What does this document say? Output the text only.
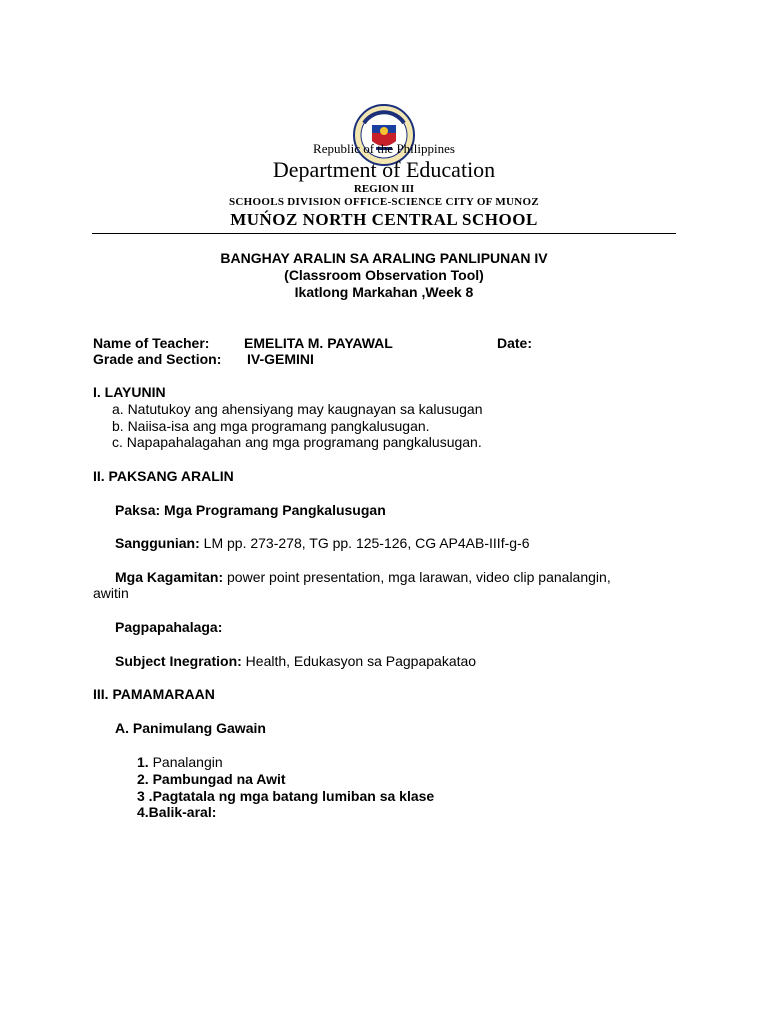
Republic of the Philippines
Department of Education
REGION III
SCHOOLS DIVISION OFFICE-SCIENCE CITY OF MUNOZ
MUŃOZ NORTH CENTRAL SCHOOL
BANGHAY ARALIN SA ARALING PANLIPUNAN IV
(Classroom Observation Tool)
Ikatlong Markahan ,Week 8
Name of Teacher: EMELITA M. PAYAWAL	Date:
Grade and Section: IV-GEMINI
I. LAYUNIN
a. Natutukoy ang ahensiyang may kaugnayan sa kalusugan
b. Naiisa-isa ang mga programang pangkalusugan.
c. Napapahalagahan ang mga programang pangkalusugan.
II. PAKSANG ARALIN
Paksa: Mga Programang Pangkalusugan
Sanggunian: LM pp. 273-278, TG pp. 125-126, CG AP4AB-IIIf-g-6
Mga Kagamitan: power point presentation, mga larawan, video clip panalangin,
awitin
Pagpapahalaga:
Subject Inegration: Health, Edukasyon sa Pagpapakatao
III. PAMAMARAAN
A. Panimulang Gawain
1. Panalangin
2. Pambungad na Awit
3 .Pagtatala ng mga batang lumiban sa klase
4.Balik-aral:
